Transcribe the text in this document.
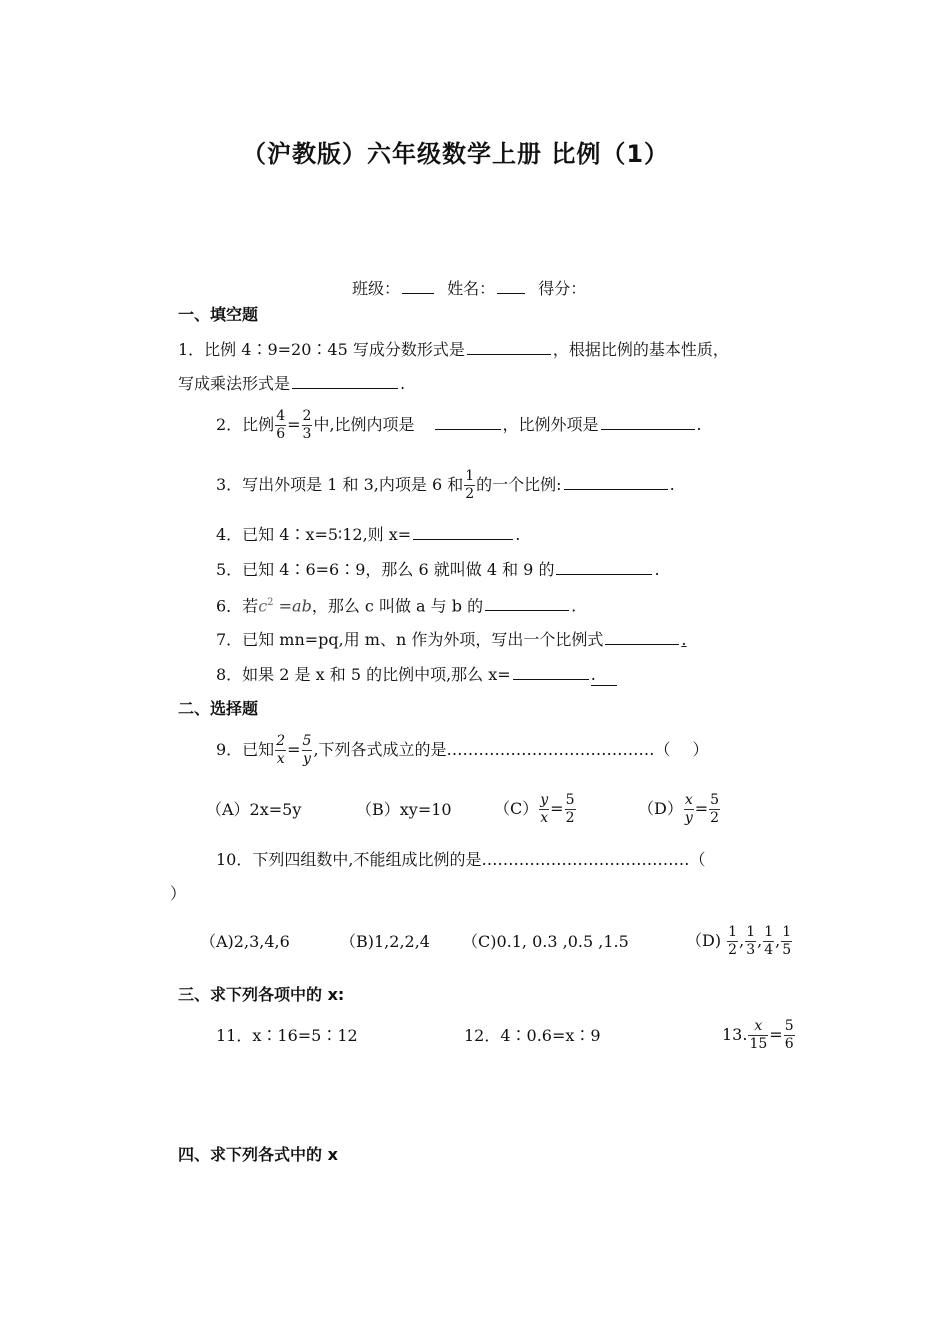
（沪教版）六年级数学上册 比例（1）
班级：	姓名：	得分：
一、填空题
1．比例 4∶9=20∶45 写成分数形式是	，根据比例的基本性质，
写成乘法形式是	.
2．比例 $\frac{4}{6} = \frac{2}{3}$ 中,比例内项是	，比例外项是	.
3．写出外项是 1 和 3,内项是 6 和 $\frac{1}{2}$ 的一个比例:	.
4．已知 4∶x=5∶12,则 x=	.
5．已知 4∶6=6∶9，那么 6 就叫做 4 和 9 的	.
6．若$c^2 =ab$，那么 c 叫做 a 与 b 的	.
7．已知 mn=pq,用 m、n 作为外项，写出一个比例式	.
8．如果 2 是 x 和 5 的比例中项,那么 x=	.
二、选择题
9．已知 $\frac{2}{x} = \frac{5}{y}$ ,下列各式成立的是…………………………………（ ）
（A）2x=5y	（B）xy=10	$(C) \frac{y}{x} = \frac{5}{2}$	$(D) \frac{x}{y} = \frac{5}{2}$
10．下列四组数中,不能组成比例的是…………………………………（
）
（A)2,3,4,6	（B)1,2,2,4 （C)0.1, 0.3 ,0.5 ,1.5	$(D) \frac{1}{2}$ , $\frac{1}{3}$ , $\frac{1}{4}$ , $\frac{1}{5}$
三、求下列各项中的 x:
11．x∶16=5∶12	12．4∶0.6=x∶9	13. $\frac{x}{15} = \frac{5}{6}$
四、求下列各式中的 x
